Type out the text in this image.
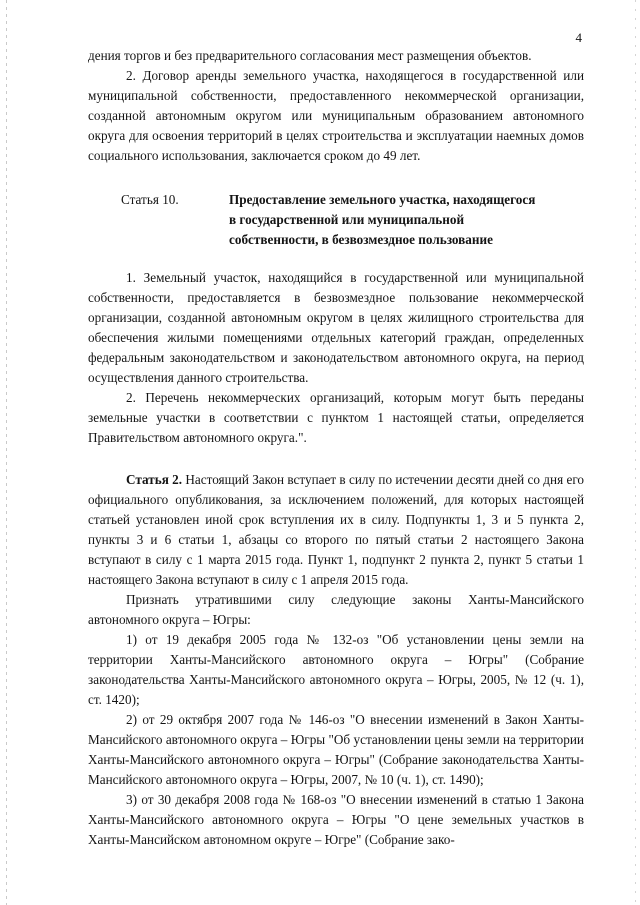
4

дения торгов и без предварительного согласования мест размещения объектов.

2. Договор аренды земельного участка, находящегося в государственной или муниципальной собственности, предоставленного некоммерческой организации, созданной автономным округом или муниципальным образованием автономного округа для освоения территорий в целях строительства и эксплуатации наемных домов социального использования, заключается сроком до 49 лет.

Статья 10.	Предоставление земельного участка, находящегося
в государственной или муниципальной
собственности, в безвозмездное пользование

1. Земельный участок, находящийся в государственной или муниципальной собственности, предоставляется в безвозмездное пользование некоммерческой организации, созданной автономным округом в целях жилищного строительства для обеспечения жилыми помещениями отдельных категорий граждан, определенных федеральным законодательством и законодательством автономного округа, на период осуществления данного строительства.

2. Перечень некоммерческих организаций, которым могут быть переданы земельные участки в соответствии с пунктом 1 настоящей статьи, определяется Правительством автономного округа.".

Статья 2. Настоящий Закон вступает в силу по истечении десяти дней со дня его официального опубликования, за исключением положений, для которых настоящей статьей установлен иной срок вступления их в силу. Подпункты 1, 3 и 5 пункта 2, пункты 3 и 6 статьи 1, абзацы со второго по пятый статьи 2 настоящего Закона вступают в силу с 1 марта 2015 года. Пункт 1, подпункт 2 пункта 2, пункт 5 статьи 1 настоящего Закона вступают в силу с 1 апреля 2015 года.

Признать утратившими силу следующие законы Ханты-Мансийского автономного округа – Югры:

1) от 19 декабря 2005 года № 132-оз "Об установлении цены земли на территории Ханты-Мансийского автономного округа – Югры" (Собрание законодательства Ханты-Мансийского автономного округа – Югры, 2005, № 12 (ч. 1), ст. 1420);

2) от 29 октября 2007 года № 146-оз "О внесении изменений в Закон Ханты-Мансийского автономного округа – Югры "Об установлении цены земли на территории Ханты-Мансийского автономного округа – Югры" (Собрание законодательства Ханты-Мансийского автономного округа – Югры, 2007, № 10 (ч. 1), ст. 1490);

3) от 30 декабря 2008 года № 168-оз "О внесении изменений в статью 1 Закона Ханты-Мансийского автономного округа – Югры "О цене земельных участков в Ханты-Мансийском автономном округе – Югре" (Собрание зако-
